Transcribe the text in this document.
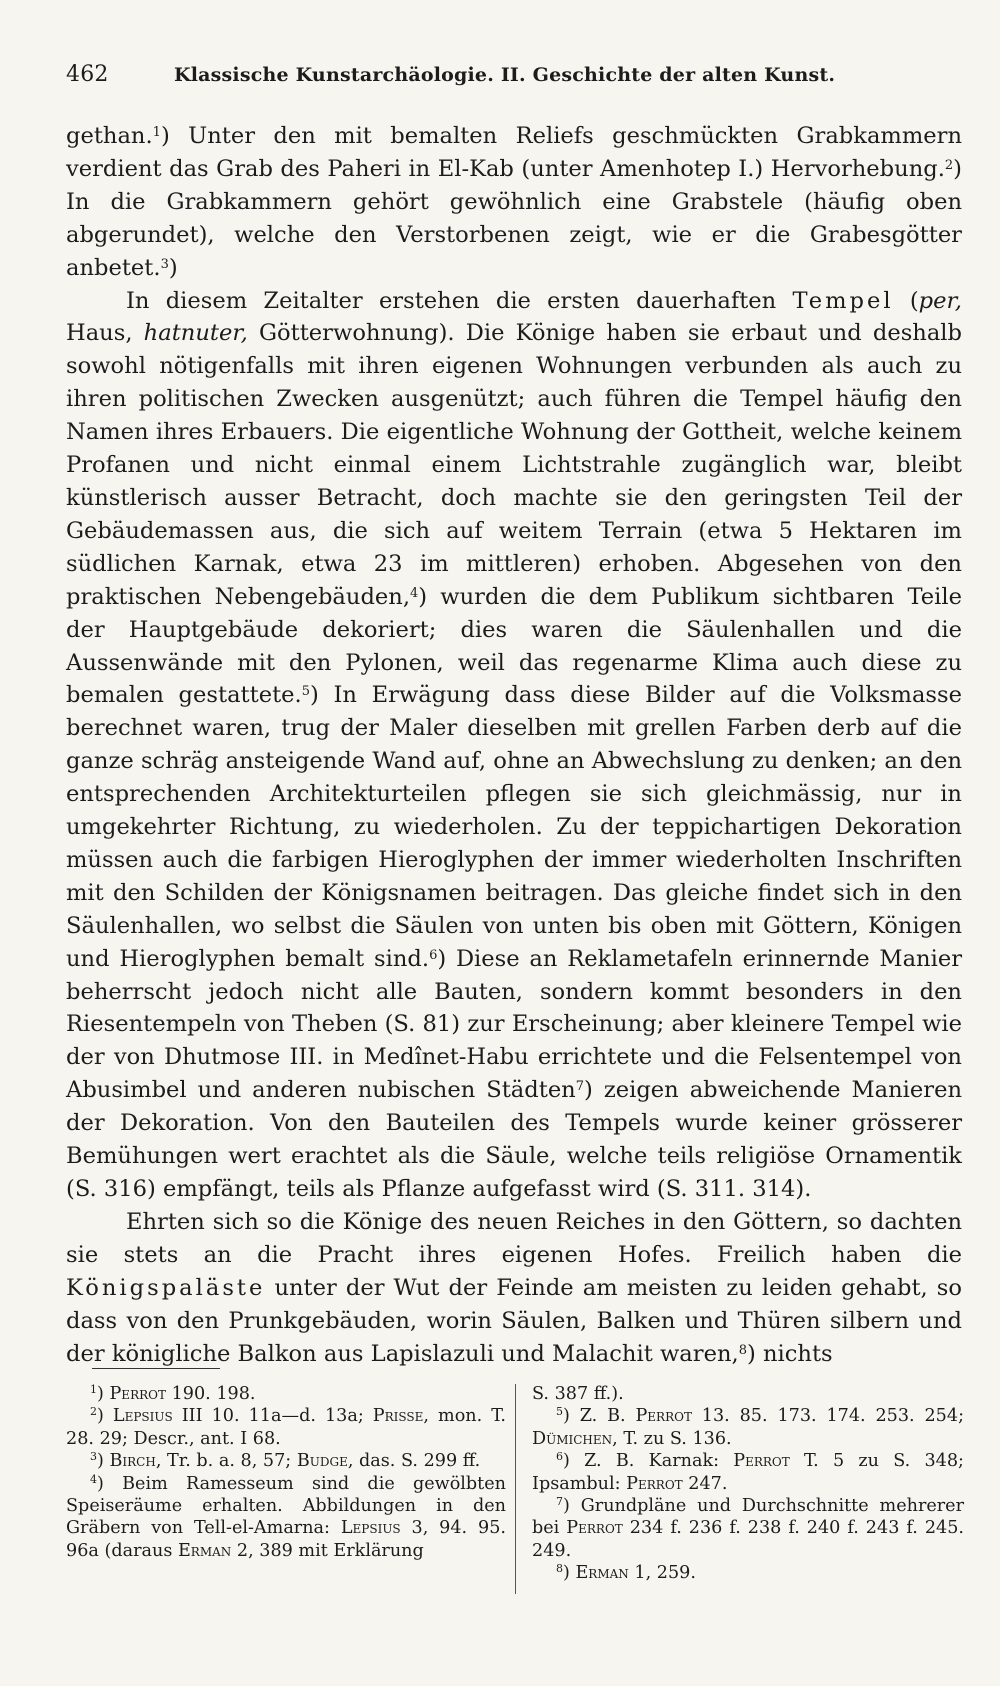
462	Klassische Kunstarchäologie. II. Geschichte der alten Kunst.

gethan.$^1$) Unter den mit bemalten Reliefs geschmückten Grabkammern verdient das Grab des Paheri in El-Kab (unter Amenhotep I.) Hervorhebung.$^2$) In die Grabkammern gehört gewöhnlich eine Grabstele (häufig oben abgerundet), welche den Verstorbenen zeigt, wie er die Grabesgötter anbetet.$^3$)

In diesem Zeitalter erstehen die ersten dauerhaften Tempel (per, Haus, hatnuter, Götterwohnung). Die Könige haben sie erbaut und deshalb sowohl nötigenfalls mit ihren eigenen Wohnungen verbunden als auch zu ihren politischen Zwecken ausgenützt; auch führen die Tempel häufig den Namen ihres Erbauers. Die eigentliche Wohnung der Gottheit, welche keinem Profanen und nicht einmal einem Lichtstrahle zugänglich war, bleibt künstlerisch ausser Betracht, doch machte sie den geringsten Teil der Gebäudemassen aus, die sich auf weitem Terrain (etwa 5 Hektaren im südlichen Karnak, etwa 23 im mittleren) erhoben. Abgesehen von den praktischen Nebengebäuden,$^4$) wurden die dem Publikum sichtbaren Teile der Hauptgebäude dekoriert; dies waren die Säulenhallen und die Aussenwände mit den Pylonen, weil das regenarme Klima auch diese zu bemalen gestattete.$^5$) In Erwägung dass diese Bilder auf die Volksmasse berechnet waren, trug der Maler dieselben mit grellen Farben derb auf die ganze schräg ansteigende Wand auf, ohne an Abwechslung zu denken; an den entsprechenden Architekturteilen pflegen sie sich gleichmässig, nur in umgekehrter Richtung, zu wiederholen. Zu der teppichartigen Dekoration müssen auch die farbigen Hieroglyphen der immer wiederholten Inschriften mit den Schilden der Königsnamen beitragen. Das gleiche findet sich in den Säulenhallen, wo selbst die Säulen von unten bis oben mit Göttern, Königen und Hieroglyphen bemalt sind.$^6$) Diese an Reklametafeln erinnernde Manier beherrscht jedoch nicht alle Bauten, sondern kommt besonders in den Riesentempeln von Theben (S. 81) zur Erscheinung; aber kleinere Tempel wie der von Dhutmose III. in Medînet-Habu errichtete und die Felsentempel von Abusimbel und anderen nubischen Städten$^7$) zeigen abweichende Manieren der Dekoration. Von den Bauteilen des Tempels wurde keiner grösserer Bemühungen wert erachtet als die Säule, welche teils religiöse Ornamentik (S. 316) empfängt, teils als Pflanze aufgefasst wird (S. 311. 314).

Ehrten sich so die Könige des neuen Reiches in den Göttern, so dachten sie stets an die Pracht ihres eigenen Hofes. Freilich haben die Königspaläste unter der Wut der Feinde am meisten zu leiden gehabt, so dass von den Prunkgebäuden, worin Säulen, Balken und Thüren silbern und der königliche Balkon aus Lapislazuli und Malachit waren,$^8$) nichts

$^1$) Perrot 190. 198.

$^2$) Lepsius III 10. 11a—d. 13a; Prisse, mon. T. 28. 29; Descr., ant. I 68.

$^3$) Birch, Tr. b. a. 8, 57; Budge, das. S. 299 ff.

$^4$) Beim Ramesseum sind die gewölbten Speiseräume erhalten. Abbildungen in den Gräbern von Tell-el-Amarna: Lepsius 3, 94. 95. 96a (daraus Erman 2, 389 mit Erklärung

S. 387 ff.).

$^5$) Z. B. Perrot 13. 85. 173. 174. 253. 254; Dümichen, T. zu S. 136.

$^6$) Z. B. Karnak: Perrot T. 5 zu S. 348; Ipsambul: Perrot 247.

$^7$) Grundpläne und Durchschnitte mehrerer bei Perrot 234 f. 236 f. 238 f. 240 f. 243 f. 245. 249.

$^8$) Erman 1, 259.
